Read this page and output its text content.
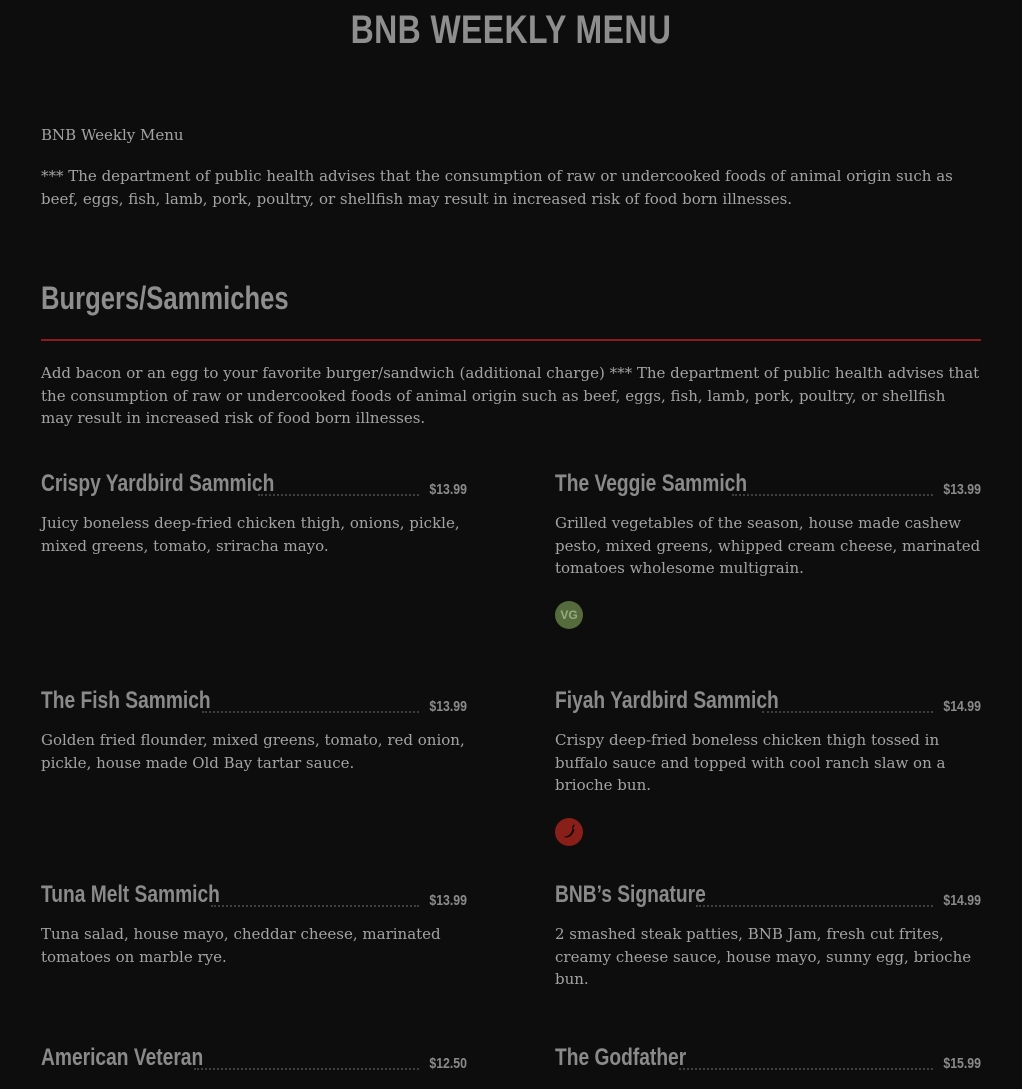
BNB WEEKLY MENU

BNB Weekly Menu

*** The department of public health advises that the consumption of raw or undercooked foods of animal origin such as beef, eggs, fish, lamb, pork, poultry, or shellfish may result in increased risk of food born illnesses.

Burgers/Sammiches

Add bacon or an egg to your favorite burger/sandwich (additional charge) *** The department of public health advises that the consumption of raw or undercooked foods of animal origin such as beef, eggs, fish, lamb, pork, poultry, or shellfish may result in increased risk of food born illnesses.

Crispy Yardbird Sammich	$13.99

Juicy boneless deep-fried chicken thigh, onions, pickle, mixed greens, tomato, sriracha mayo.

The Veggie Sammich	$13.99

Grilled vegetables of the season, house made cashew pesto, mixed greens, whipped cream cheese, marinated tomatoes wholesome multigrain.

VG
The Fish Sammich	$13.99

Golden fried flounder, mixed greens, tomato, red onion, pickle, house made Old Bay tartar sauce.

Fiyah Yardbird Sammich	$14.99

Crispy deep-fried boneless chicken thigh tossed in buffalo sauce and topped with cool ranch slaw on a brioche bun.

Tuna Melt Sammich	$13.99

Tuna salad, house mayo, cheddar cheese, marinated tomatoes on marble rye.

BNB’s Signature	$14.99

2 smashed steak patties, BNB Jam, fresh cut frites, creamy cheese sauce, house mayo, sunny egg, brioche bun.

American Veteran	$12.50	The Godfather	$15.99
